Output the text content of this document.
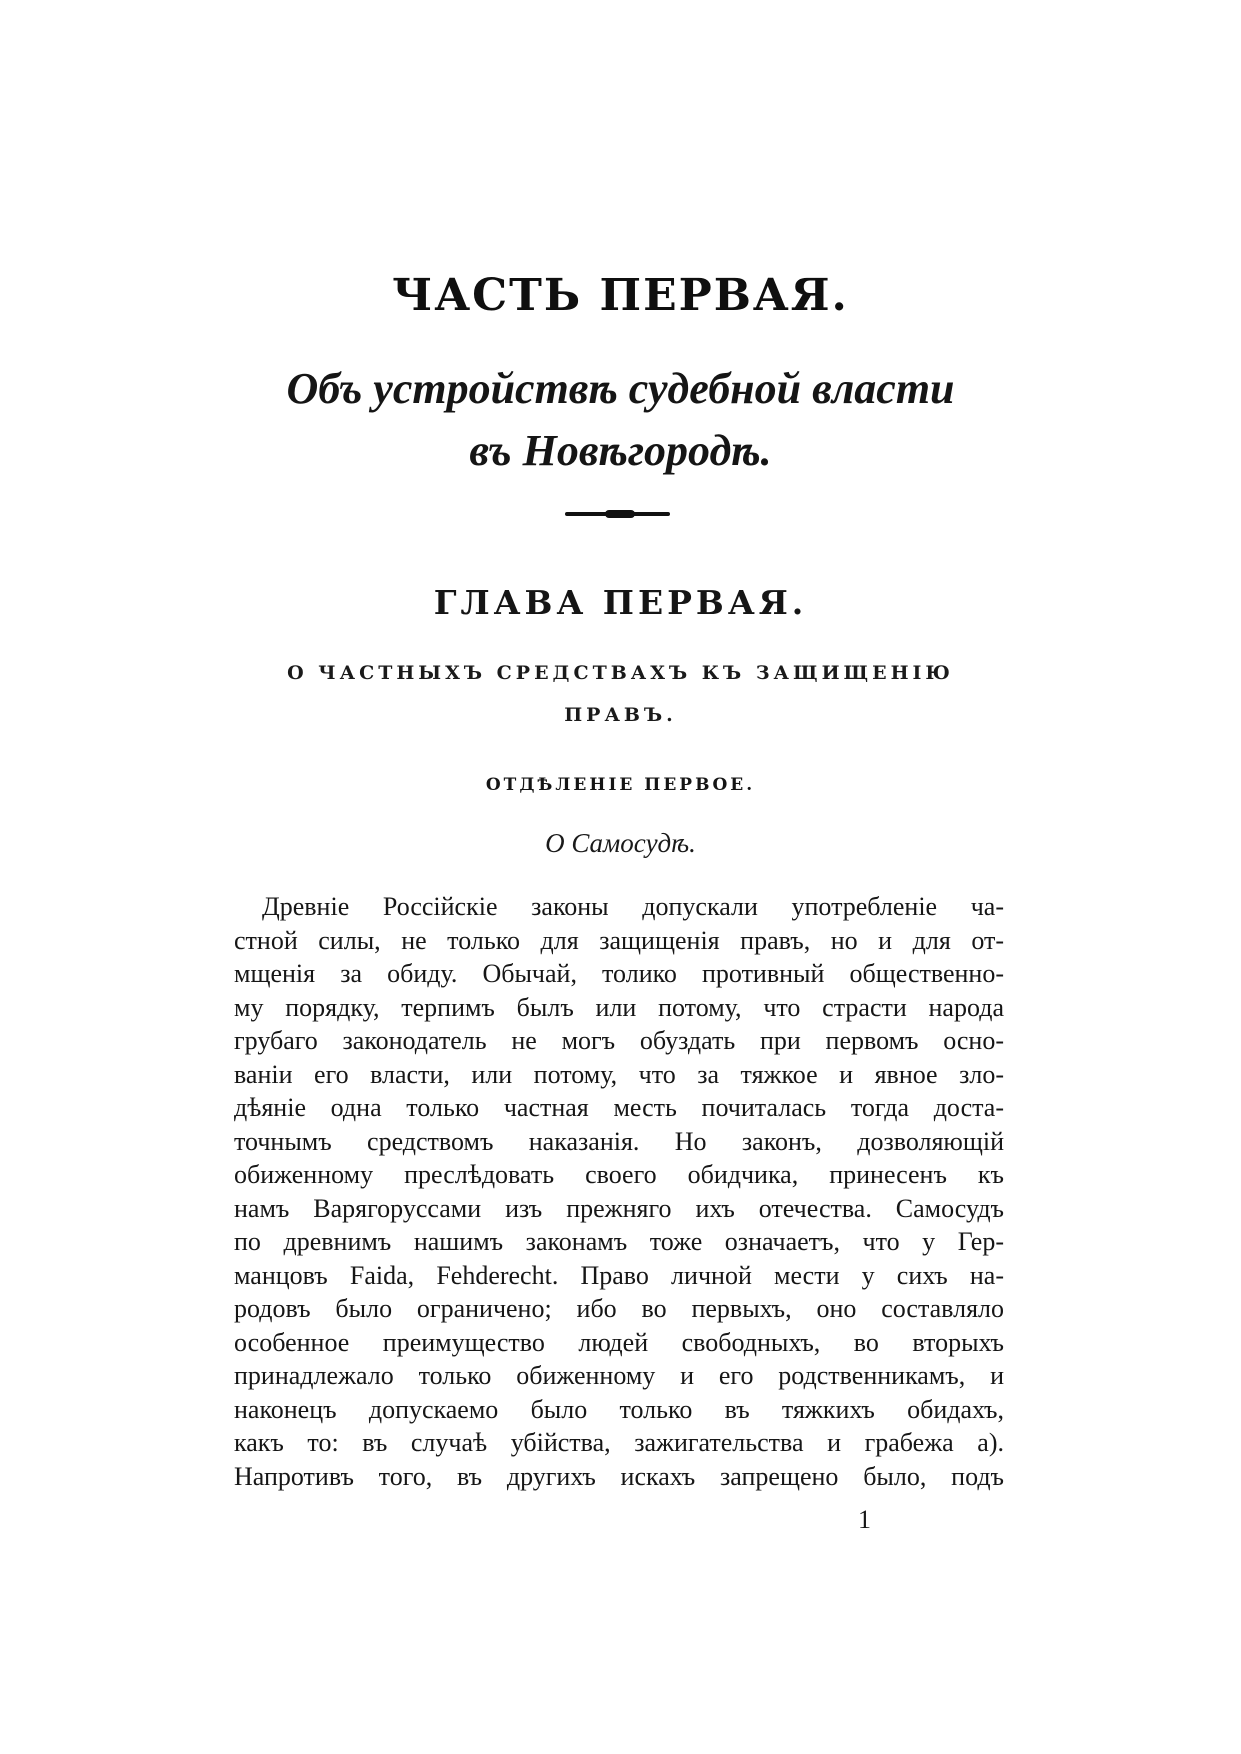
ЧАСТЬ ПЕРВАЯ.
Объ устройствѣ судебной власти
въ Новѣгородѣ.
ГЛАВА ПЕРВАЯ.
О ЧАСТНЫХЪ СРЕДСТВАХЪ КЪ ЗАЩИЩЕНІЮ
ПРАВЪ.
ОТДѢЛЕНІЕ ПЕРВОЕ.
О Самосудѣ.
Древніе Россійскіе законы допускали употребленіе ча-
стной силы, не только для защищенія правъ, но и для от-
мщенія за обиду. Обычай, толико противный общественно-
му порядку, терпимъ былъ или потому, что страсти народа
грубаго законодатель не могъ обуздать при первомъ осно-
ваніи его власти, или потому, что за тяжкое и явное зло-
дѣяніе одна только частная месть почиталась тогда доста-
точнымъ средствомъ наказанія. Но законъ, дозволяющій
обиженному преслѣдовать своего обидчика, принесенъ къ
намъ Варягоруссами изъ прежняго ихъ отечества. Самосудъ
по древнимъ нашимъ законамъ тоже означаетъ, что у Гер-
манцовъ Faida, Fehderecht. Право личной мести у сихъ на-
родовъ было ограничено; ибо во первыхъ, оно составляло
особенное преимущество людей свободныхъ, во вторыхъ
принадлежало только обиженному и его родственникамъ, и
наконецъ допускаемо было только въ тяжкихъ обидахъ,
какъ то: въ случаѣ убійства, зажигательства и грабежа a).
Напротивъ того, въ другихъ искахъ запрещено было, подъ
1
